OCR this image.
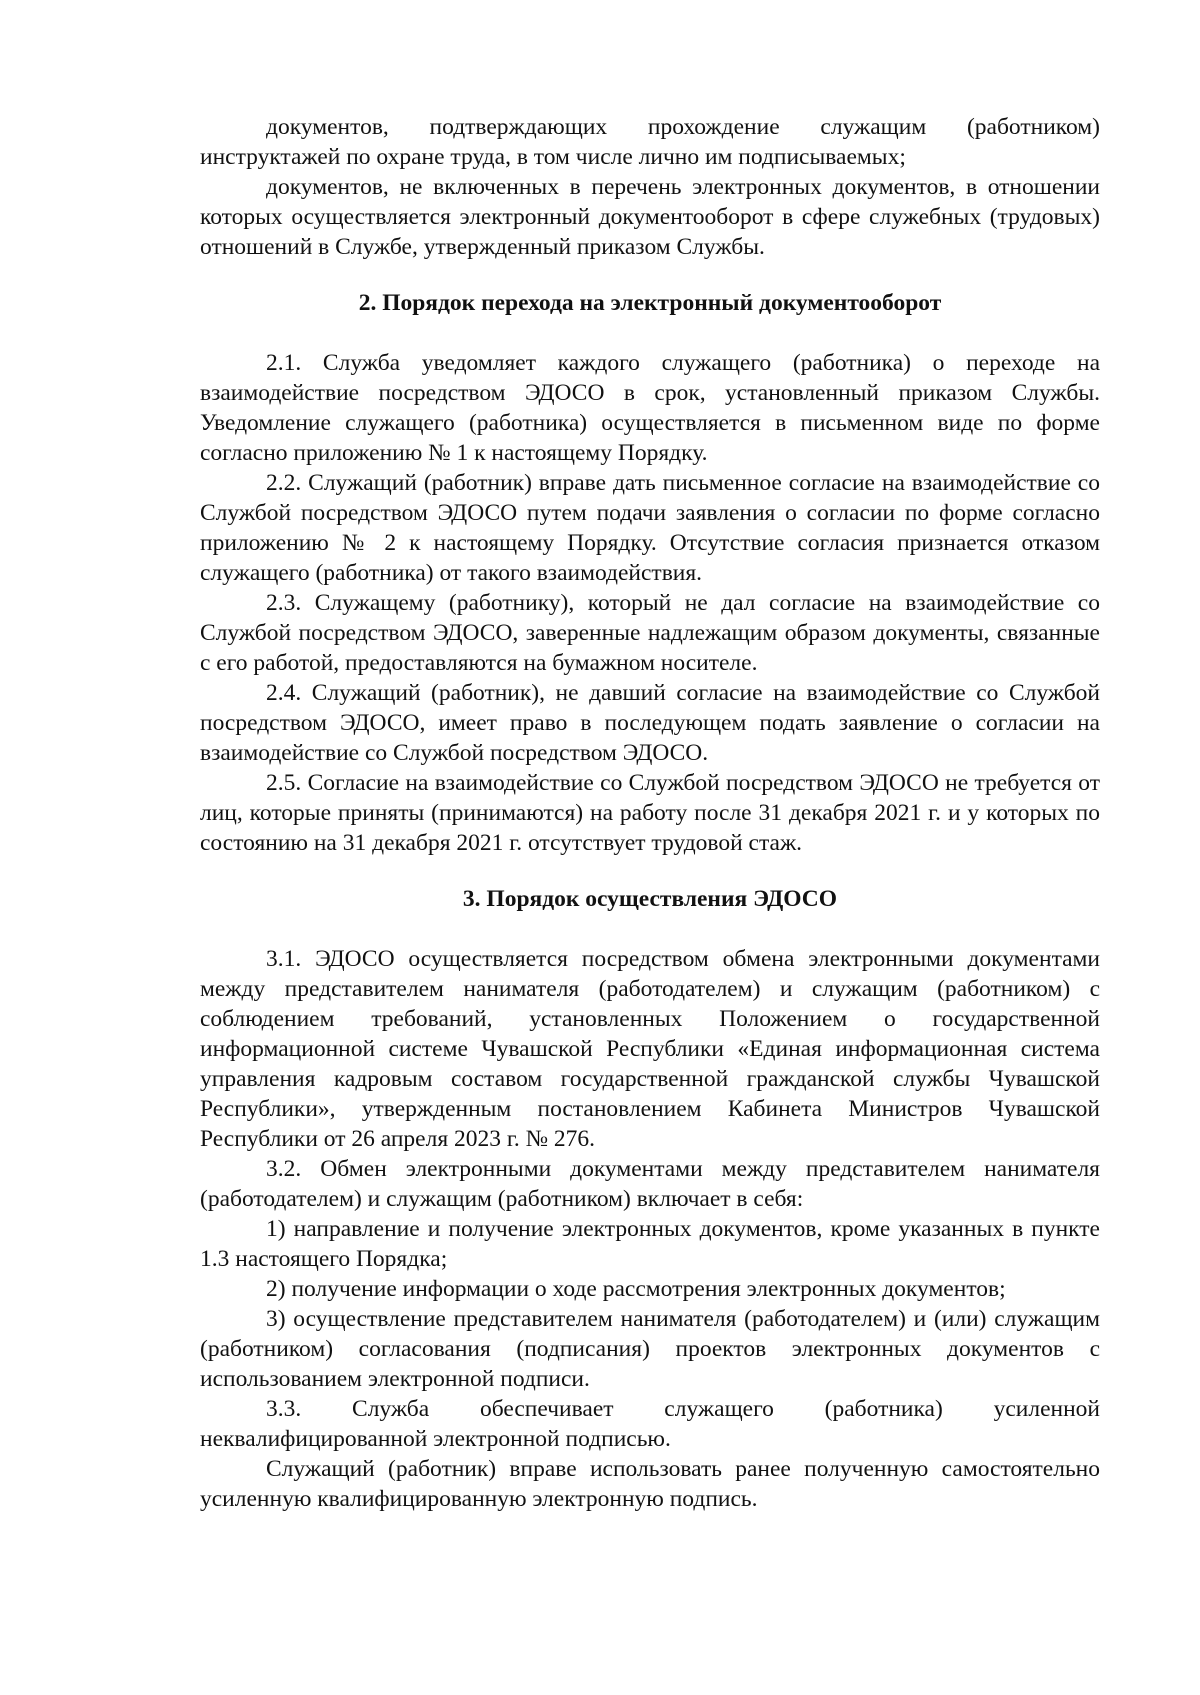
документов, подтверждающих прохождение служащим (работником) инструктажей по охране труда, в том числе лично им подписываемых;

документов, не включенных в перечень электронных документов, в отношении которых осуществляется электронный документооборот в сфере служебных (трудовых) отношений в Службе, утвержденный приказом Службы.

2. Порядок перехода на электронный документооборот

2.1. Служба уведомляет каждого служащего (работника) о переходе на взаимодействие посредством ЭДОСО в срок, установленный приказом Службы. Уведомление служащего (работника) осуществляется в письменном виде по форме согласно приложению № 1 к настоящему Порядку.

2.2. Служащий (работник) вправе дать письменное согласие на взаимодействие со Службой посредством ЭДОСО путем подачи заявления о согласии по форме согласно приложению № 2 к настоящему Порядку. Отсутствие согласия признается отказом служащего (работника) от такого взаимодействия.

2.3. Служащему (работнику), который не дал согласие на взаимодействие со Службой посредством ЭДОСО, заверенные надлежащим образом документы, связанные с его работой, предоставляются на бумажном носителе.

2.4. Служащий (работник), не давший согласие на взаимодействие со Службой посредством ЭДОСО, имеет право в последующем подать заявление о согласии на взаимодействие со Службой посредством ЭДОСО.

2.5. Согласие на взаимодействие со Службой посредством ЭДОСО не требуется от лиц, которые приняты (принимаются) на работу после 31 декабря 2021 г. и у которых по состоянию на 31 декабря 2021 г. отсутствует трудовой стаж.

3. Порядок осуществления ЭДОСО

3.1. ЭДОСО осуществляется посредством обмена электронными документами между представителем нанимателя (работодателем) и служащим (работником) с соблюдением требований, установленных Положением о государственной информационной системе Чувашской Республики «Единая информационная система управления кадровым составом государственной гражданской службы Чувашской Республики», утвержденным постановлением Кабинета Министров Чувашской Республики от 26 апреля 2023 г. № 276.

3.2. Обмен электронными документами между представителем нанимателя (работодателем) и служащим (работником) включает в себя:

1) направление и получение электронных документов, кроме указанных в пункте 1.3 настоящего Порядка;

2) получение информации о ходе рассмотрения электронных документов;

3) осуществление представителем нанимателя (работодателем) и (или) служащим (работником) согласования (подписания) проектов электронных документов с использованием электронной подписи.

3.3. Служба обеспечивает служащего (работника) усиленной неквалифицированной электронной подписью.

Служащий (работник) вправе использовать ранее полученную самостоятельно усиленную квалифицированную электронную подпись.
